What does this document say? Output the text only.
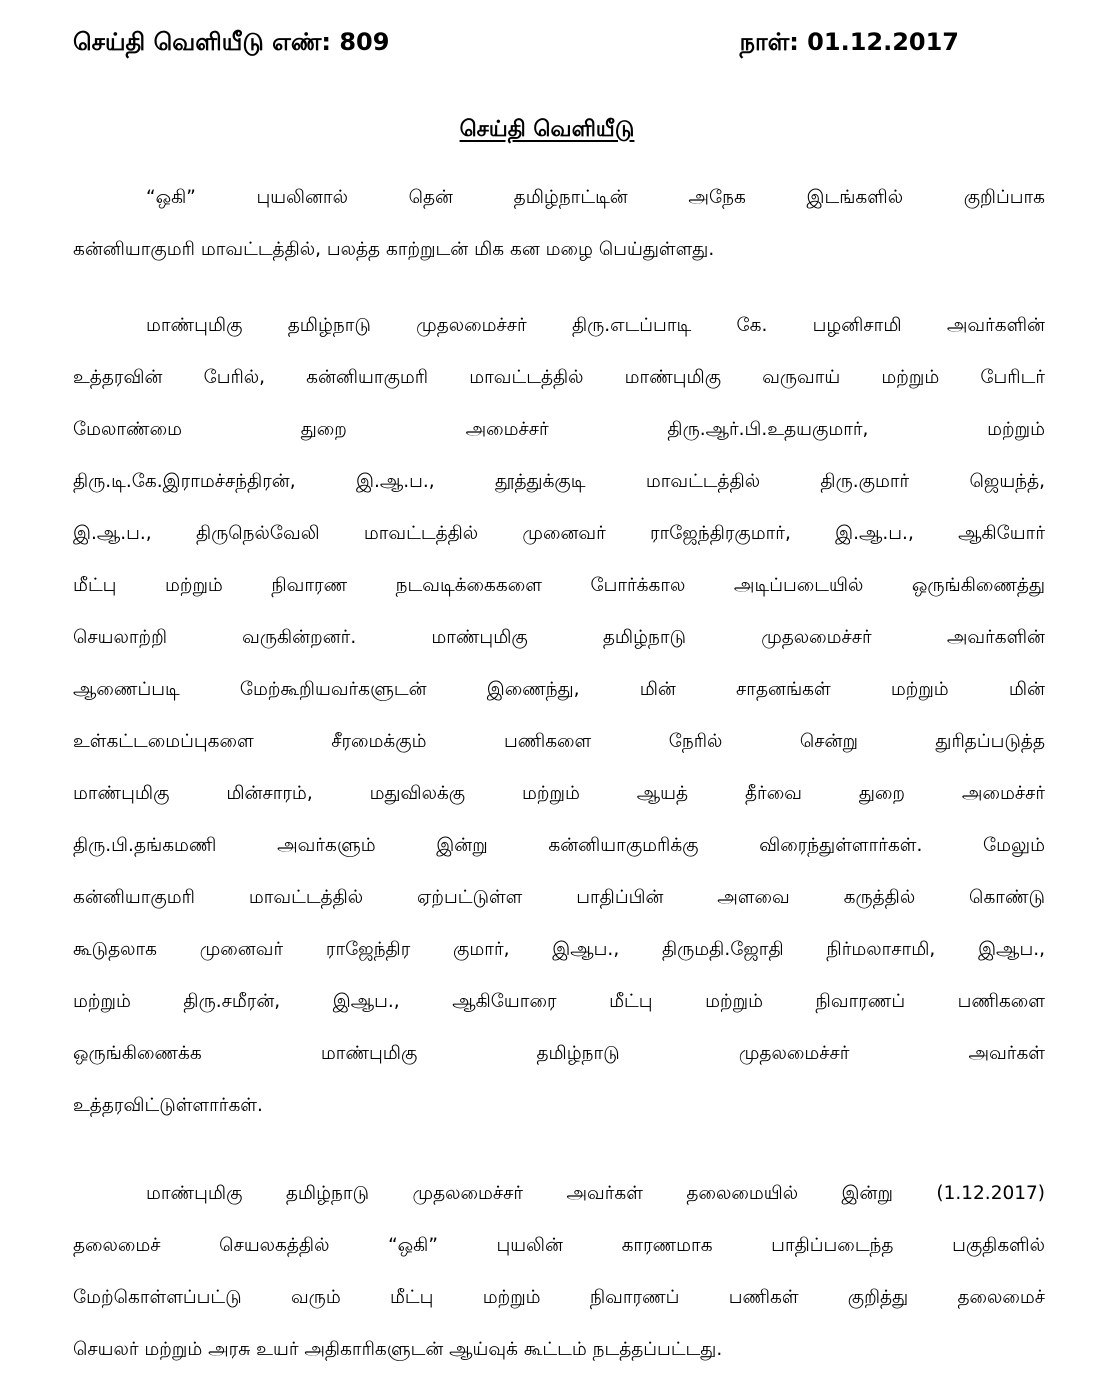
செய்தி வெளியீடு எண்: 809	நாள்: 01.12.2017
செய்தி வெளியீடு
“ஒகி” புயலினால் தென் தமிழ்நாட்டின் அநேக இடங்களில் குறிப்பாக
கன்னியாகுமரி மாவட்டத்தில், பலத்த காற்றுடன் மிக கன மழை பெய்துள்ளது.
மாண்புமிகு தமிழ்நாடு முதலமைச்சர் திரு.எடப்பாடி கே. பழனிசாமி அவர்களின்
உத்தரவின் பேரில், கன்னியாகுமரி மாவட்டத்தில் மாண்புமிகு வருவாய் மற்றும் பேரிடர்
மேலாண்மை துறை அமைச்சர் திரு.ஆர்.பி.உதயகுமார், மற்றும்
திரு.டி.கே.இராமச்சந்திரன், இ.ஆ.ப., தூத்துக்குடி மாவட்டத்தில் திரு.குமார் ஜெயந்த்,
இ.ஆ.ப., திருநெல்வேலி மாவட்டத்தில் முனைவர் ராஜேந்திரகுமார், இ.ஆ.ப., ஆகியோர்
மீட்பு மற்றும் நிவாரண நடவடிக்கைகளை போர்க்கால அடிப்படையில் ஒருங்கிணைத்து
செயலாற்றி வருகின்றனர். மாண்புமிகு தமிழ்நாடு முதலமைச்சர் அவர்களின்
ஆணைப்படி மேற்கூறியவர்களுடன் இணைந்து, மின் சாதனங்கள் மற்றும் மின்
உள்கட்டமைப்புகளை சீரமைக்கும் பணிகளை நேரில் சென்று துரிதப்படுத்த
மாண்புமிகு மின்சாரம், மதுவிலக்கு மற்றும் ஆயத் தீர்வை துறை அமைச்சர்
திரு.பி.தங்கமணி அவர்களும் இன்று கன்னியாகுமரிக்கு விரைந்துள்ளார்கள். மேலும்
கன்னியாகுமரி மாவட்டத்தில் ஏற்பட்டுள்ள பாதிப்பின் அளவை கருத்தில் கொண்டு
கூடுதலாக முனைவர் ராஜேந்திர குமார், இஆப., திருமதி.ஜோதி நிர்மலாசாமி, இஆப.,
மற்றும் திரு.சமீரன், இஆப., ஆகியோரை மீட்பு மற்றும் நிவாரணப் பணிகளை
ஒருங்கிணைக்க மாண்புமிகு தமிழ்நாடு முதலமைச்சர் அவர்கள்
உத்தரவிட்டுள்ளார்கள்.
மாண்புமிகு தமிழ்நாடு முதலமைச்சர் அவர்கள் தலைமையில் இன்று (1.12.2017)
தலைமைச் செயலகத்தில் “ஒகி” புயலின் காரணமாக பாதிப்படைந்த பகுதிகளில்
மேற்கொள்ளப்பட்டு வரும் மீட்பு மற்றும் நிவாரணப் பணிகள் குறித்து தலைமைச்
செயலர் மற்றும் அரசு உயர் அதிகாரிகளுடன் ஆய்வுக் கூட்டம் நடத்தப்பட்டது.
